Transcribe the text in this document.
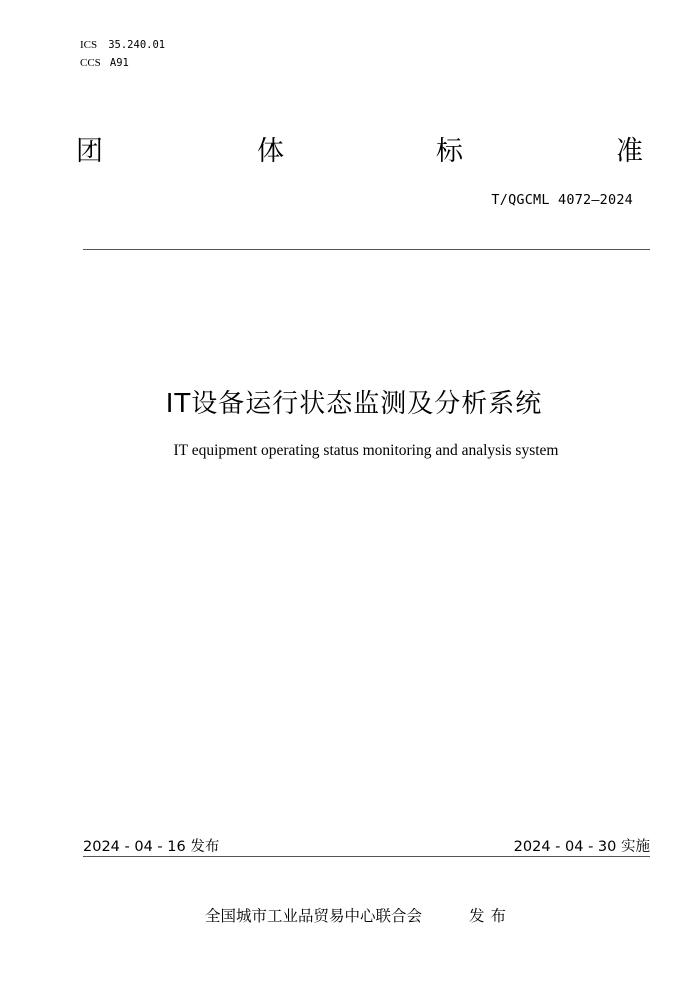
ICS 35.240.01
CCS A91
团	体	标	准
T/QGCML 4072—2024
IT设备运行状态监测及分析系统
IT equipment operating status monitoring and analysis system
2024 - 04 - 16 发布	2024 - 04 - 30 实施
全国城市工业品贸易中心联合会	发布
